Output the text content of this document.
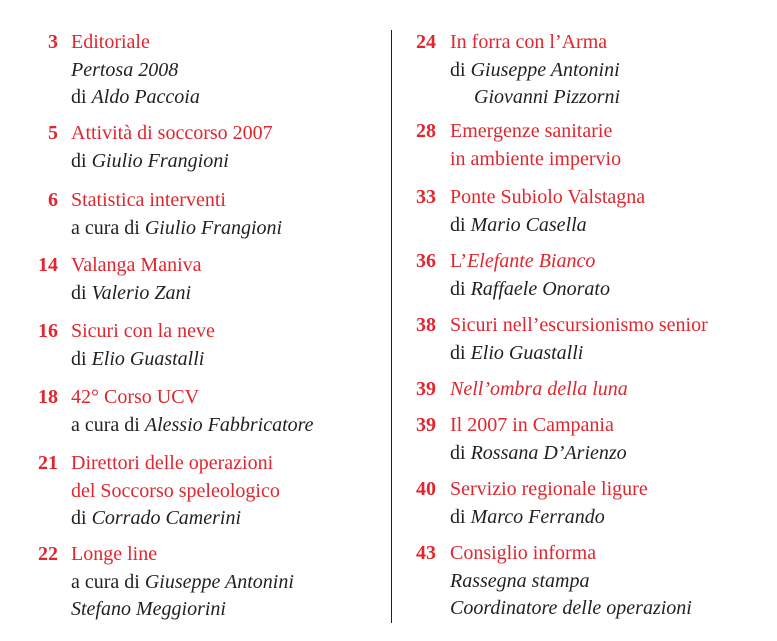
3 Editoriale
Pertosa 2008
di Aldo Paccoia
5 Attività di soccorso 2007
di Giulio Frangioni
6 Statistica interventi
a cura di Giulio Frangioni
14 Valanga Maniva
di Valerio Zani
16 Sicuri con la neve
di Elio Guastalli
18 42° Corso UCV
a cura di Alessio Fabbricatore
21 Direttori delle operazioni
del Soccorso speleologico
di Corrado Camerini
22 Longe line
a cura di Giuseppe Antonini
Stefano Meggiorini
24 In forra con l’Arma
di Giuseppe Antonini
Giovanni Pizzorni
28 Emergenze sanitarie
in ambiente impervio
33 Ponte Subiolo Valstagna
di Mario Casella
36 L’Elefante Bianco
di Raffaele Onorato
38 Sicuri nell’escursionismo senior
di Elio Guastalli
39 Nell’ombra della luna
39 Il 2007 in Campania
di Rossana D’Arienzo
40 Servizio regionale ligure
di Marco Ferrando
43 Consiglio informa
Rassegna stampa
Coordinatore delle operazioni
